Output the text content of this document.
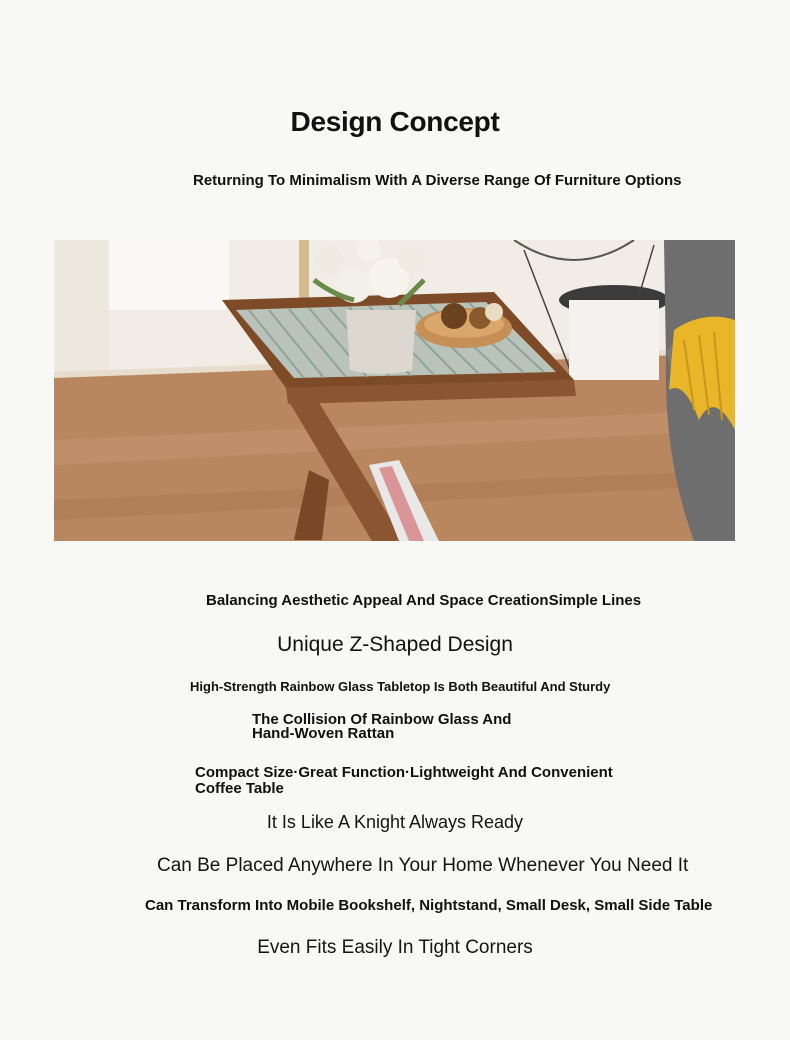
Design Concept
Returning To Minimalism With A Diverse Range Of Furniture Options
Balancing Aesthetic Appeal And Space CreationSimple Lines
Unique Z-Shaped Design
High-Strength Rainbow Glass Tabletop Is Both Beautiful And Sturdy
The Collision Of Rainbow Glass And
Hand-Woven Rattan
Compact Size·Great Function·Lightweight And Convenient
Coffee Table
It Is Like A Knight Always Ready
Can Be Placed Anywhere In Your Home Whenever You Need It
Can Transform Into Mobile Bookshelf, Nightstand, Small Desk, Small Side Table
Even Fits Easily In Tight Corners
